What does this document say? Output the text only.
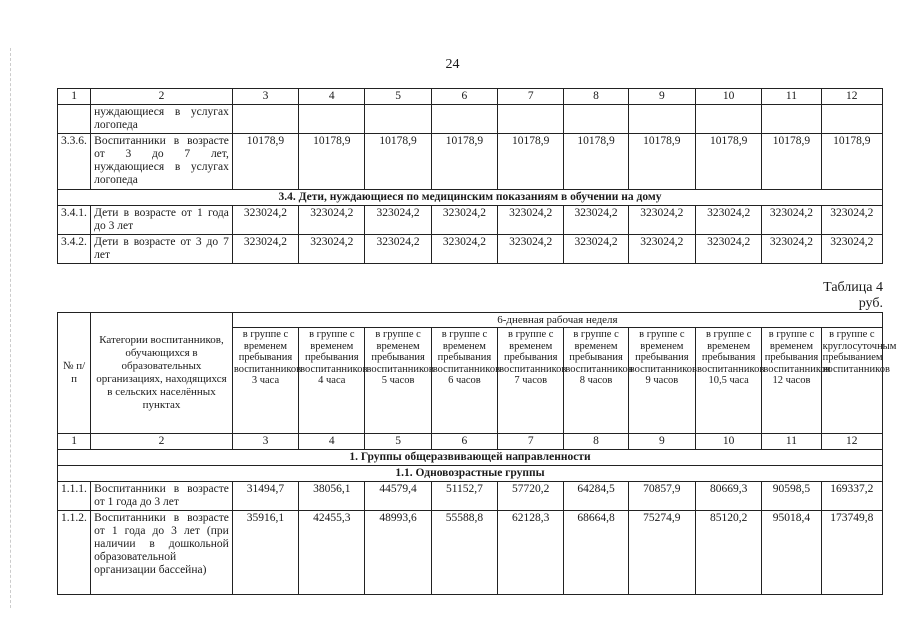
24
1	2	3	4	5	6	7	8	9	10	11	12
	нуждающиеся в услугах логопеда										
3.3.6.	Воспитанники в возрасте от 3 до 7 лет, нуждающиеся в услугах логопеда	10178,9	10178,9	10178,9	10178,9	10178,9	10178,9	10178,9	10178,9	10178,9	10178,9
3.4. Дети, нуждающиеся по медицинским показаниям в обучении на дому											
3.4.1.	Дети в возрасте от 1 года до 3 лет	323024,2	323024,2	323024,2	323024,2	323024,2	323024,2	323024,2	323024,2	323024,2	323024,2
3.4.2.	Дети в возрасте от 3 до 7 лет	323024,2	323024,2	323024,2	323024,2	323024,2	323024,2	323024,2	323024,2	323024,2	323024,2
Таблица 4
руб.
№ п/п	Категории воспитанников, обучающихся в образовательных организациях, находящихся в сельских населённых пунктах	6-дневная рабочая неделя									
		в группе с временем пребывания воспитанников 3 часа	в группе с временем пребывания воспитанников 4 часа	в группе с временем пребывания воспитанников 5 часов	в группе с временем пребывания воспитанников 6 часов	в группе с временем пребывания воспитанников 7 часов	в группе с временем пребывания воспитанников 8 часов	в группе с временем пребывания воспитанников 9 часов	в группе с временем пребывания воспитанников 10,5 часа	в группе с временем пребывания воспитанников 12 часов	в группе с круглосуточным пребыванием воспитанников
1	2	3	4	5	6	7	8	9	10	11	12
1. Группы общеразвивающей направленности											
1.1. Одновозрастные группы											
1.1.1.	Воспитанники в возрасте от 1 года до 3 лет	31494,7	38056,1	44579,4	51152,7	57720,2	64284,5	70857,9	80669,3	90598,5	169337,2
1.1.2.	Воспитанники в возрасте от 1 года до 3 лет (при наличии в дошкольной образовательной организации бассейна)	35916,1	42455,3	48993,6	55588,8	62128,3	68664,8	75274,9	85120,2	95018,4	173749,8
